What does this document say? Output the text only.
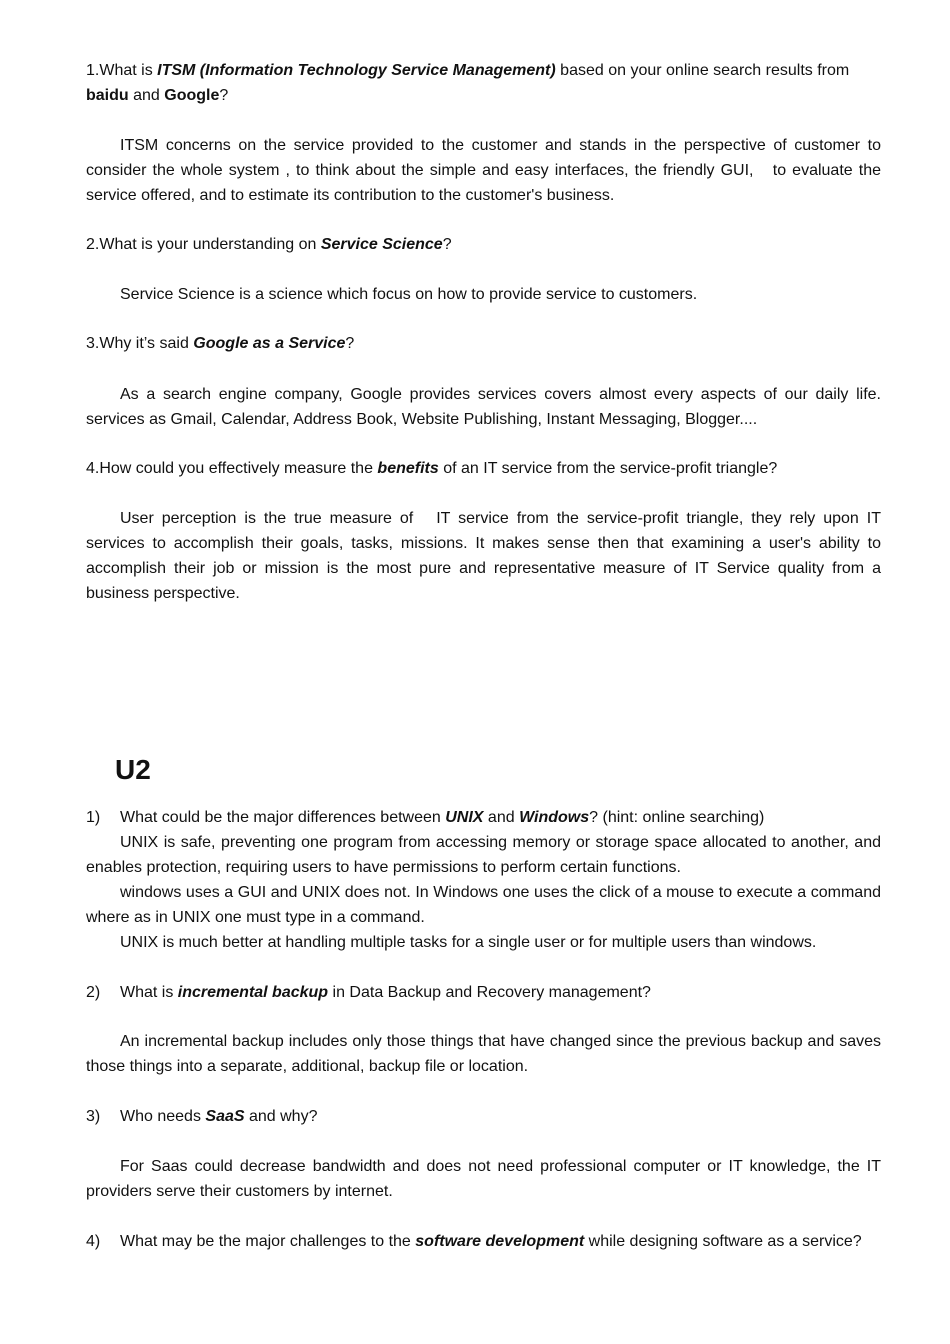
1.What is ITSM (Information Technology Service Management) based on your online search results from baidu and Google?
ITSM concerns on the service provided to the customer and stands in the perspective of customer to consider the whole system , to think about the simple and easy interfaces, the friendly GUI,　to evaluate the service offered, and to estimate its contribution to the customer's business.
2.What is your understanding on Service Science?
Service Science is a science which focus on how to provide service to customers.
3.Why it’s said Google as a Service?
As a search engine company, Google provides services covers almost every aspects of our daily life. services as Gmail, Calendar, Address Book, Website Publishing, Instant Messaging, Blogger....
4.How could you effectively measure the benefits of an IT service from the service-profit triangle?
User perception is the true measure of　IT service from the service-profit triangle, they rely upon IT services to accomplish their goals, tasks, missions. It makes sense then that examining a user's ability to accomplish their job or mission is the most pure and representative measure of IT Service quality from a business perspective.
U2
1)	What could be the major differences between UNIX and Windows? (hint: online searching)
UNIX is safe, preventing one program from accessing memory or storage space allocated to another, and enables protection, requiring users to have permissions to perform certain functions.
windows uses a GUI and UNIX does not. In Windows one uses the click of a mouse to execute a command where as in UNIX one must type in a command.
UNIX is much better at handling multiple tasks for a single user or for multiple users than windows.
2)	What is incremental backup in Data Backup and Recovery management?
An incremental backup includes only those things that have changed since the previous backup and saves those things into a separate, additional, backup file or location.
3)	Who needs SaaS and why?
For Saas could decrease bandwidth and does not need professional computer or IT knowledge, the IT providers serve their customers by internet.
4)	What may be the major challenges to the software development while designing software as a service?
